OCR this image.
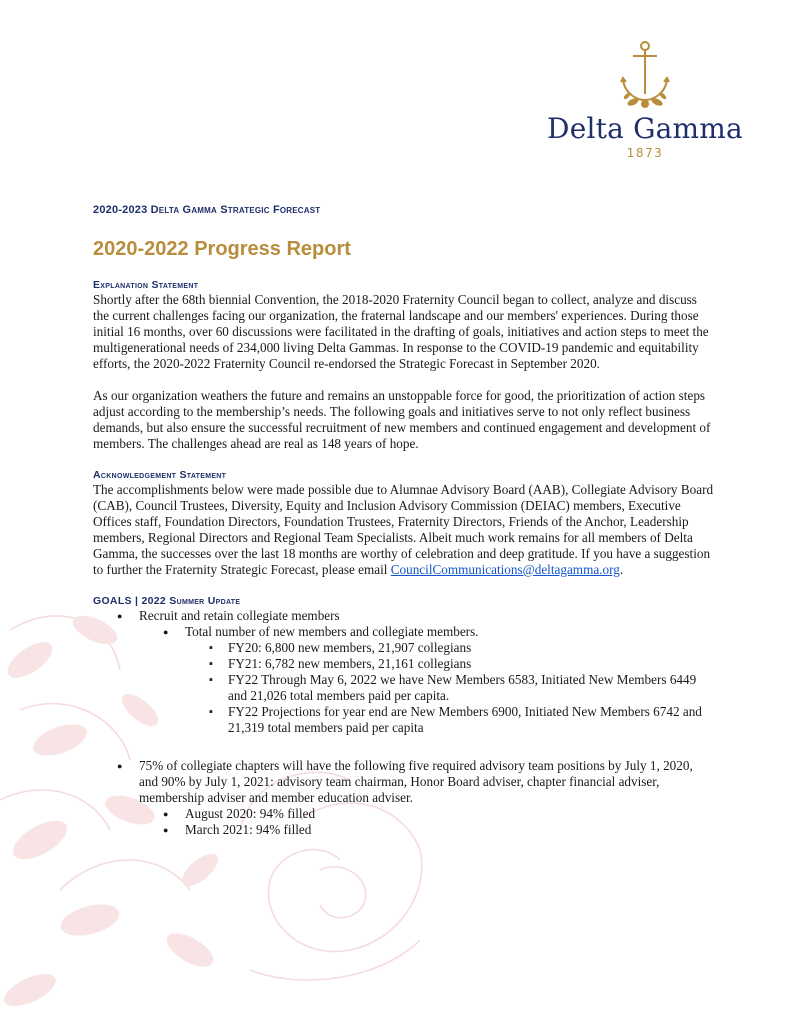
Delta Gamma
1873

2020-2023 Delta Gamma Strategic Forecast

2020-2022 Progress Report

Explanation Statement

Shortly after the 68th biennial Convention, the 2018-2020 Fraternity Council began to collect, analyze and discuss the current challenges facing our organization, the fraternal landscape and our members' experiences. During those initial 16 months, over 60 discussions were facilitated in the drafting of goals, initiatives and action steps to meet the multigenerational needs of 234,000 living Delta Gammas. In response to the COVID-19 pandemic and equitability efforts, the 2020-2022 Fraternity Council re-endorsed the Strategic Forecast in September 2020.

As our organization weathers the future and remains an unstoppable force for good, the prioritization of action steps adjust according to the membership’s needs. The following goals and initiatives serve to not only reflect business demands, but also ensure the successful recruitment of new members and continued engagement and development of members. The challenges ahead are real as 148 years of hope.

Acknowledgement Statement

The accomplishments below were made possible due to Alumnae Advisory Board (AAB), Collegiate Advisory Board (CAB), Council Trustees, Diversity, Equity and Inclusion Advisory Commission (DEIAC) members, Executive Offices staff, Foundation Directors, Foundation Trustees, Fraternity Directors, Friends of the Anchor, Leadership members, Regional Directors and Regional Team Specialists. Albeit much work remains for all members of Delta Gamma, the successes over the last 18 months are worthy of celebration and deep gratitude. If you have a suggestion to further the Fraternity Strategic Forecast, please email CouncilCommunications@deltagamma.org.

GOALS | 2022 Summer Update

● Recruit and retain collegiate members
● Total number of new members and collegiate members.
▪ FY20: 6,800 new members, 21,907 collegians
▪ FY21: 6,782 new members, 21,161 collegians
▪ FY22 Through May 6, 2022 we have New Members 6583, Initiated New Members 6449 and 21,026 total members paid per capita.
▪ FY22 Projections for year end are New Members 6900, Initiated New Members 6742 and 21,319 total members paid per capita
● 75% of collegiate chapters will have the following five required advisory team positions by July 1, 2020, and 90% by July 1, 2021: advisory team chairman, Honor Board adviser, chapter financial adviser, membership adviser and member education adviser.
● August 2020: 94% filled
● March 2021: 94% filled
